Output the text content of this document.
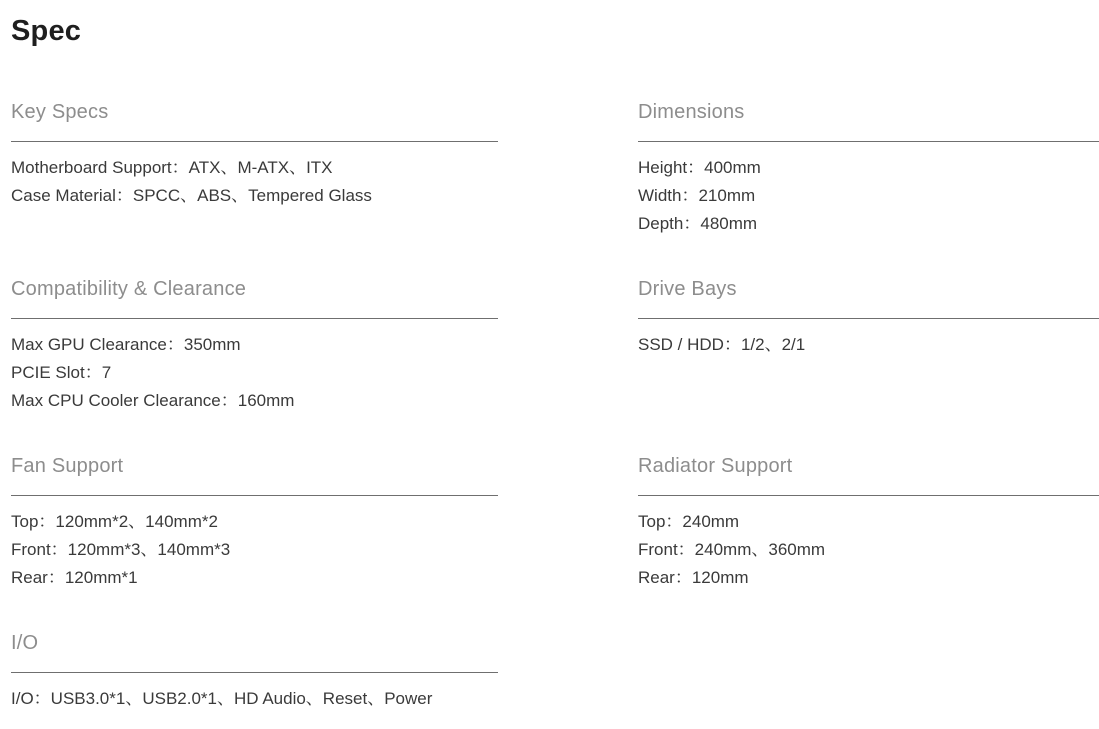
Spec
Key Specs

Motherboard Support：ATX、M-ATX、ITX

Case Material：SPCC、ABS、Tempered Glass

Compatibility & Clearance

Max GPU Clearance：350mm

PCIE Slot：7

Max CPU Cooler Clearance：160mm

Fan Support

Top：120mm*2、140mm*2

Front：120mm*3、140mm*3

Rear：120mm*1

I/O

I/O：USB3.0*1、USB2.0*1、HD Audio、Reset、Power

Dimensions

Height：400mm

Width：210mm

Depth：480mm

Drive Bays

SSD / HDD：1/2、2/1

Radiator Support

Top：240mm

Front：240mm、360mm

Rear：120mm
